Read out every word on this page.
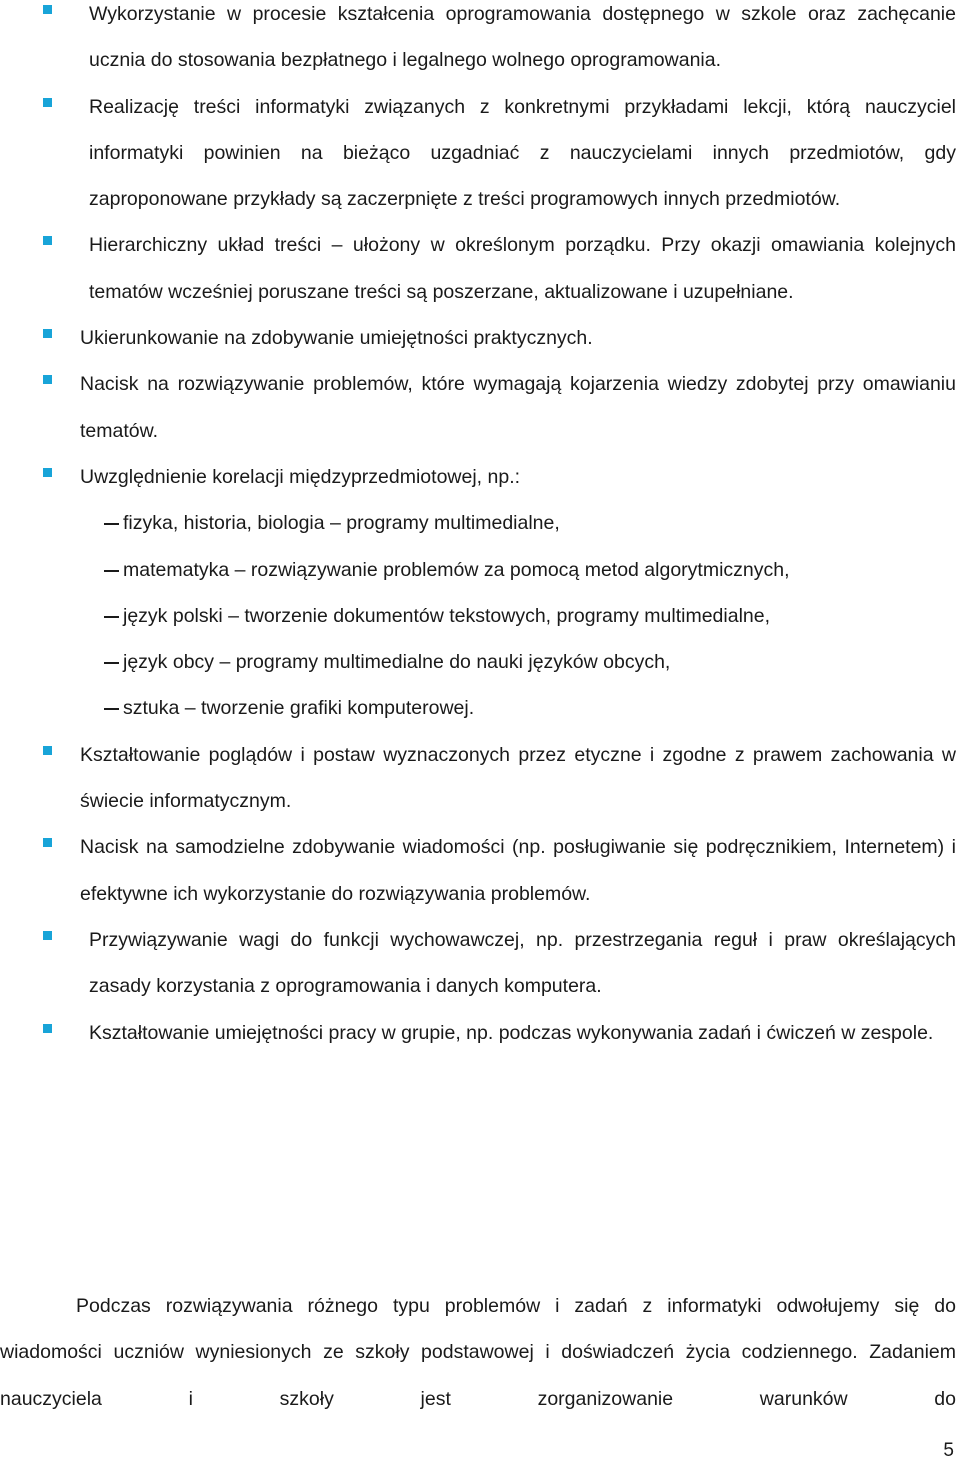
Wykorzystanie w procesie kształcenia oprogramowania dostępnego w szkole oraz zachęcanie ucznia do stosowania bezpłatnego i legalnego wolnego oprogramowania.
Realizację treści informatyki związanych z konkretnymi przykładami lekcji, którą nauczyciel informatyki powinien na bieżąco uzgadniać z nauczycielami innych przedmiotów, gdy zaproponowane przykłady są zaczerpnięte z treści programowych innych przedmiotów.
Hierarchiczny układ treści – ułożony w określonym porządku. Przy okazji omawiania kolejnych tematów wcześniej poruszane treści są poszerzane, aktualizowane i uzupełniane.
Ukierunkowanie na zdobywanie umiejętności praktycznych.
Nacisk na rozwiązywanie problemów, które wymagają kojarzenia wiedzy zdobytej przy omawianiu tematów.
Uwzględnienie korelacji międzyprzedmiotowej, np.:
fizyka, historia, biologia – programy multimedialne,
matematyka – rozwiązywanie problemów za pomocą metod algorytmicznych,
język polski – tworzenie dokumentów tekstowych, programy multimedialne,
język obcy – programy multimedialne do nauki języków obcych,
sztuka – tworzenie grafiki komputerowej.
Kształtowanie poglądów i postaw wyznaczonych przez etyczne i zgodne z prawem zachowania w świecie informatycznym.
Nacisk na samodzielne zdobywanie wiadomości (np. posługiwanie się podręcznikiem, Internetem) i efektywne ich wykorzystanie do rozwiązywania problemów.
Przywiązywanie wagi do funkcji wychowawczej, np. przestrzegania reguł i praw określających zasady korzystania z oprogramowania i danych komputera.
Kształtowanie umiejętności pracy w grupie, np. podczas wykonywania zadań i ćwiczeń w zespole.
Podczas rozwiązywania różnego typu problemów i zadań z informatyki odwołujemy się do wiadomości uczniów wyniesionych ze szkoły podstawowej i doświadczeń życia codziennego. Zadaniem nauczyciela i szkoły jest zorganizowanie warunków do
5
